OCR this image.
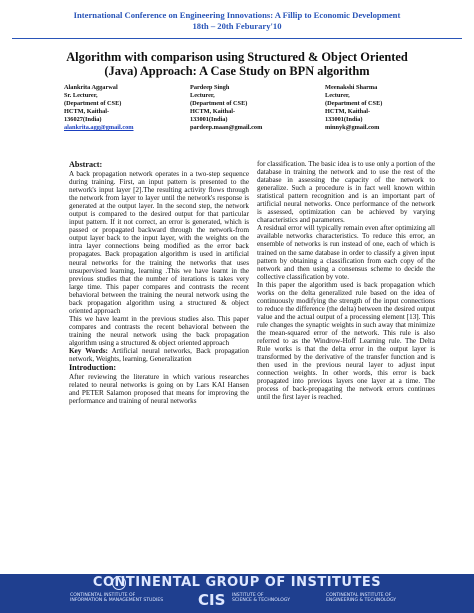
International Conference on Engineering Innovations: A Fillip to Economic Development
18th – 20th Feburary'10
Algorithm with comparison using Structured & Object Oriented
(Java) Approach: A Case Study on BPN algorithm
Alankrita Aggarwal
Sr. Lecturer,
(Department of CSE)
HCTM, Kaithal-
136027(India)
alankrita.agg@gmail.com
Pardeep Singh
Lecturer,
(Department of CSE)
HCTM, Kaithal-
133001(India)
pardeep.maan@gmail.com
Meenakshi Sharma
Lecturer,
(Department of CSE)
HCTM, Kaithal-
133001(India)
minnyk@gmail.com

Abstract:

A back propagation network operates in a two-step sequence during training. First, an input pattern is presented to the network's input layer [2].The resulting activity flows through the network from layer to layer until the network's response is generated at the output layer. In the second step, the network output is compared to the desired output for that particular input pattern. If it not correct, an error is generated, which is passed or propagated backward through the network-from output layer back to the input layer, with the weights on the intra layer connections being modified as the error back propagates. Back propagation algorithm is used in artificial neural networks for the training the networks that uses unsupervised learning, learning .This we have learnt in the previous studies that the number of iterations is takes very large time. This paper compares and contrasts the recent behavioral between the training the neural network using the back propagation algorithm using a structured & object oriented approach

This we have learnt in the previous studies also. This paper compares and contrasts the recent behavioral between the training the neural network using the back propagation algorithm using a structured & object oriented approach

Key Words: Artificial neural networks, Back propagation network, Weights, learning, Generalization

Introduction:

After reviewing the literature in which various researches related to neural networks is going on by Lars KAI Hansen and PETER Salamon proposed that means for improving the performance and training of neural networks

for classification. The basic idea is to use only a portion of the database in training the network and to use the rest of the database in assessing the capacity of the network to generalize. Such a procedure is in fact well known within statistical pattern recognition and is an important part of artificial neural networks. Once performance of the network is assessed, optimization can be achieved by varying characteristics and parameters.

A residual error will typically remain even after optimizing all available networks characteristics. To reduce this error, an ensemble of networks is run instead of one, each of which is trained on the same database in order to classify a given input pattern by obtaining a classification from each copy of the network and then using a consensus scheme to decide the collective classification by vote.

In this paper the algorithm used is back propagation which works on the delta generalized rule based on the idea of continuously modifying the strength of the input connections to reduce the difference (the delta) between the desired output value and the actual output of a processing element [13]. This rule changes the synaptic weights in such away that minimize the mean-squared error of the network. This rule is also referred to as the Windrow-Hoff Learning rule. The Delta Rule works is that the delta error in the output layer is transformed by the derivative of the transfer function and is then used in the previous neural layer to adjust input connection weights. In other words, this error is back propagated into previous layers one layer at a time. The process of back-propagating the network errors continues until the first layer is reached.

CONTINENTAL GROUP OF INSTITUTES
CONTINENTAL INSTITUTE OF
INFORMATION & MANAGEMENT STUDIES CIS INSTITUTE OF
SCIENCE & TECHNOLOGY
CONTINENTAL INSTITUTE OF
ENGINEERING & TECHNOLOGY
